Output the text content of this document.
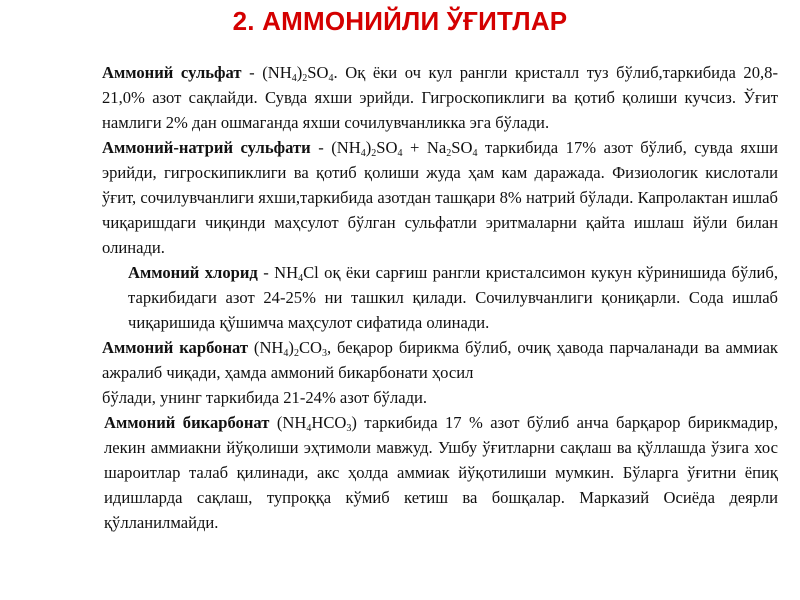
2. АММОНИЙЛИ ЎҒИТЛАР

Аммоний сульфат - $(NH_4)_2SO_4$. Оқ ёки оч кул рангли кристалл туз бўлиб,таркибида 20,8-21,0% азот сақлайди. Сувда яхши эрийди. Гигроскопиклиги ва қотиб қолиши кучсиз. Ўғит намлиги 2% дан ошмаганда яхши сочилувчанликка эга бўлади.

Аммоний-натрий сульфати - $(NH_4)_2SO_4 + Na_2SO_4$ таркибида 17% азот бўлиб, сувда яхши эрийди, гигроскипиклиги ва қотиб қолиши жуда ҳам кам даражада. Физиологик кислотали ўғит, сочилувчанлиги яхши,таркибида азотдан ташқари 8% натрий бўлади. Капролактан ишлаб чиқаришдаги чиқинди маҳсулот бўлган сульфатли эритмаларни қайта ишлаш йўли билан олинади.

Аммоний хлорид - $NH_4Cl$ оқ ёки сарғиш рангли кристалсимон кукун кўринишида бўлиб, таркибидаги азот 24-25% ни ташкил қилади. Сочилувчанлиги қониқарли. Сода ишлаб чиқаришида қўшимча маҳсулот сифатида олинади.

Аммоний карбонат $(NH_4)_2CO_3$, беқарор бирикма бўлиб, очиқ ҳавода парчаланади ва аммиак ажралиб чиқади, ҳамда аммоний бикарбонати ҳосил
бўлади, унинг таркибида 21-24% азот бўлади.

Аммоний бикарбонат $(NH_4HCO_3)$ таркибида 17 % азот бўлиб анча барқарор бирикмадир, лекин аммиакни йўқолиши эҳтимоли мавжуд. Ушбу ўғитларни сақлаш ва қўллашда ўзига хос шароитлар талаб қилинади, акс ҳолда аммиак йўқотилиши мумкин. Бўларга ўғитни ёпиқ идишларда сақлаш, тупроққа кўмиб кетиш ва бошқалар. Марказий Осиёда деярли қўлланилмайди.
